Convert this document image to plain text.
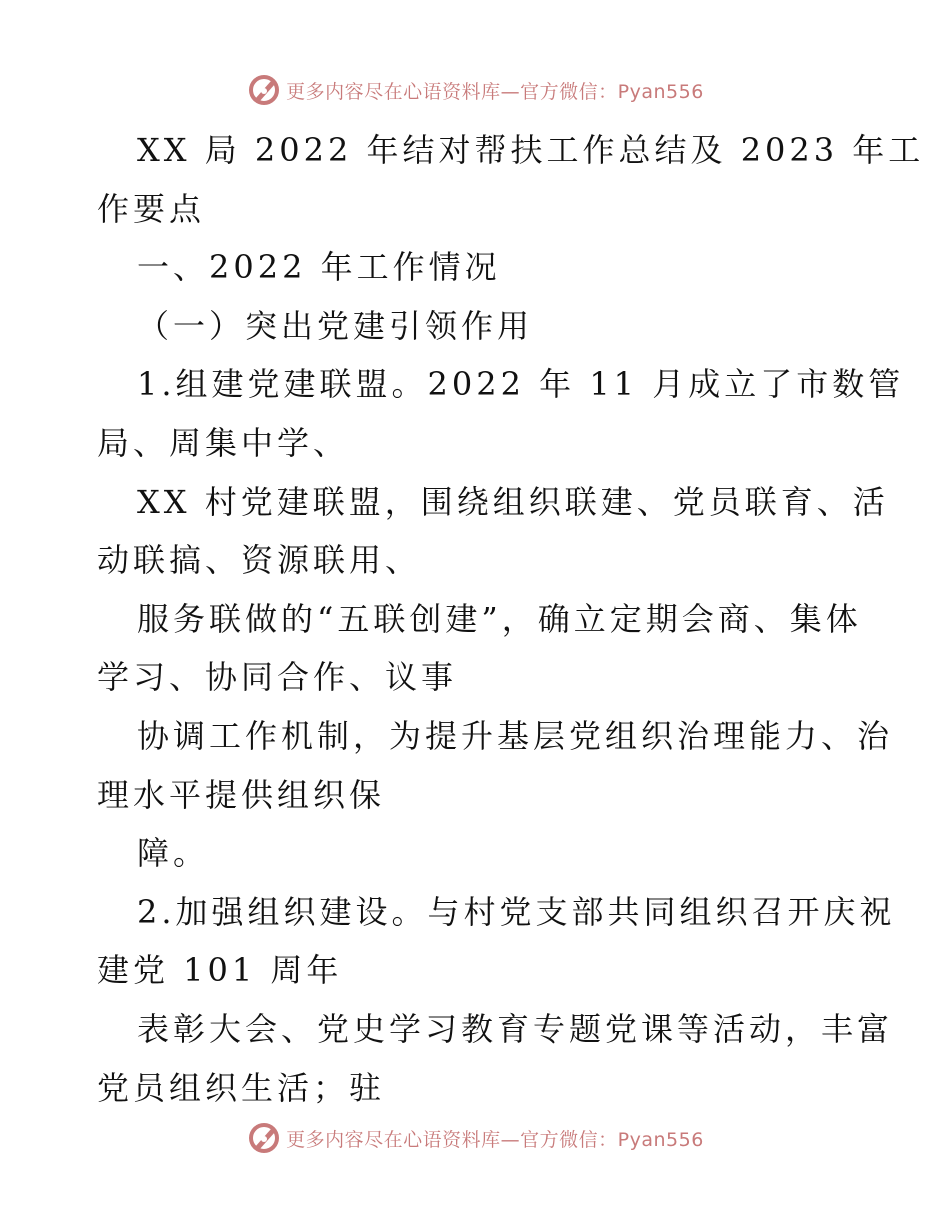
更多内容尽在心语资料库—官方微信：Pyan556
XX 局 2022 年结对帮扶工作总结及 2023 年工
作要点
一、2022 年工作情况
（一）突出党建引领作用
1.组建党建联盟。2022 年 11 月成立了市数管
局、周集中学、
XX 村党建联盟，围绕组织联建、党员联育、活
动联搞、资源联用、
服务联做的“五联创建”，确立定期会商、集体
学习、协同合作、议事
协调工作机制，为提升基层党组织治理能力、治
理水平提供组织保
障。
2.加强组织建设。与村党支部共同组织召开庆祝
建党 101 周年
表彰大会、党史学习教育专题党课等活动，丰富
党员组织生活；驻
更多内容尽在心语资料库—官方微信：Pyan556
